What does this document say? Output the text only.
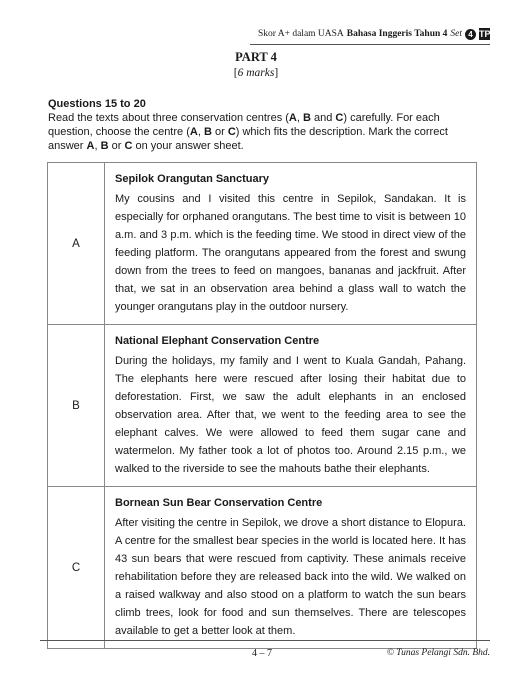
Skor A+ dalam UASA Bahasa Inggeris Tahun 4 Set 4 TP
PART 4
[6 marks]
Questions 15 to 20
Read the texts about three conservation centres (A, B and C) carefully. For each question, choose the centre (A, B or C) which fits the description. Mark the correct answer A, B or C on your answer sheet.
A	Sepilok Orangutan Sanctuary
My cousins and I visited this centre in Sepilok, Sandakan. It is especially for orphaned orangutans. The best time to visit is between 10 a.m. and 3 p.m. which is the feeding time. We stood in direct view of the feeding platform. The orangutans appeared from the forest and swung down from the trees to feed on mangoes, bananas and jackfruit. After that, we sat in an observation area behind a glass wall to watch the younger orangutans play in the outdoor nursery.

B	National Elephant Conservation Centre
During the holidays, my family and I went to Kuala Gandah, Pahang. The elephants here were rescued after losing their habitat due to deforestation. First, we saw the adult elephants in an enclosed observation area. After that, we went to the feeding area to see the elephant calves. We were allowed to feed them sugar cane and watermelon. My father took a lot of photos too. Around 2.15 p.m., we walked to the riverside to see the mahouts bathe their elephants.

C	Bornean Sun Bear Conservation Centre
After visiting the centre in Sepilok, we drove a short distance to Elopura. A centre for the smallest bear species in the world is located here. It has 43 sun bears that were rescued from captivity. These animals receive rehabilitation before they are released back into the wild. We walked on a raised walkway and also stood on a platform to watch the sun bears climb trees, look for food and sun themselves. There are telescopes available to get a better look at them.
4 – 7	© Tunas Pelangi Sdn. Bhd.
